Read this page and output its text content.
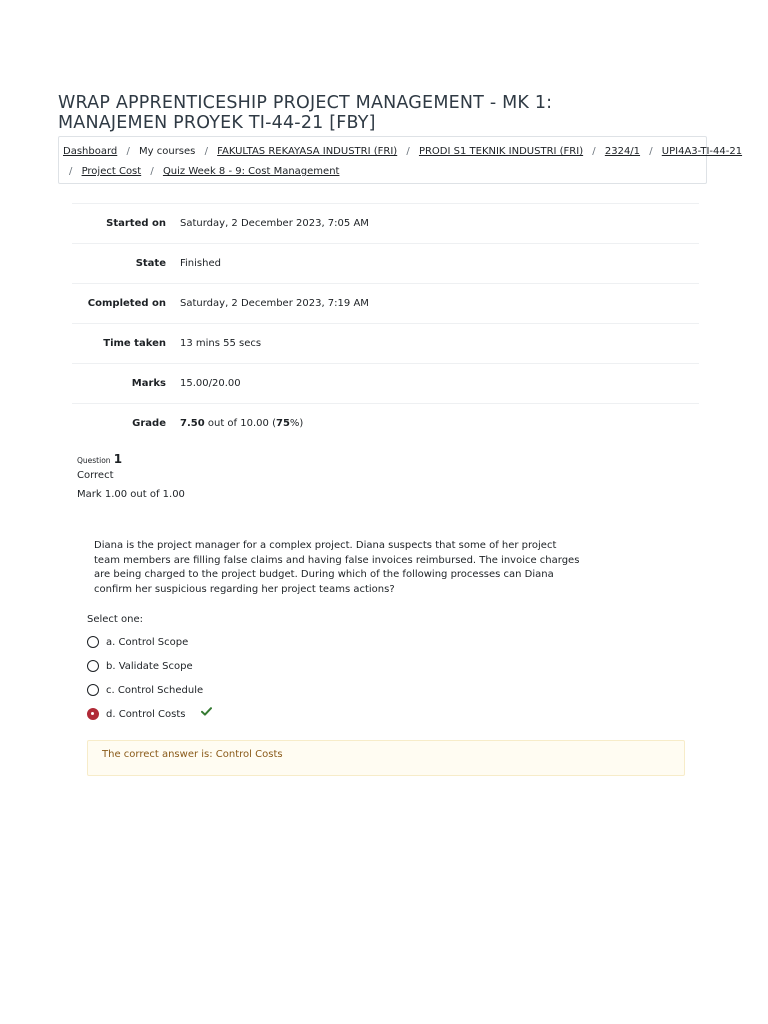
WRAP APPRENTICESHIP PROJECT MANAGEMENT - MK 1:
MANAJEMEN PROYEK TI-44-21 [FBY]
Dashboard / My courses / FAKULTAS REKAYASA INDUSTRI (FRI) / PRODI S1 TEKNIK INDUSTRI (FRI) / 2324/1 / UPI4A3-TI-44-21
/ Project Cost / Quiz Week 8 - 9: Cost Management
Started on	Saturday, 2 December 2023, 7:05 AM
State	Finished
Completed on	Saturday, 2 December 2023, 7:19 AM
Time taken	13 mins 55 secs
Marks	15.00/20.00
Grade	7.50 out of 10.00 (75%)
Question 1
Correct
Mark 1.00 out of 1.00

Diana is the project manager for a complex project. Diana suspects that some of her project team members are filling false claims and having false invoices reimbursed. The invoice charges are being charged to the project budget. During which of the following processes can Diana confirm her suspicious regarding her project teams actions?

Select one:
a. Control Scope
b. Validate Scope
c. Control Schedule
d. Control Costs
The correct answer is: Control Costs
